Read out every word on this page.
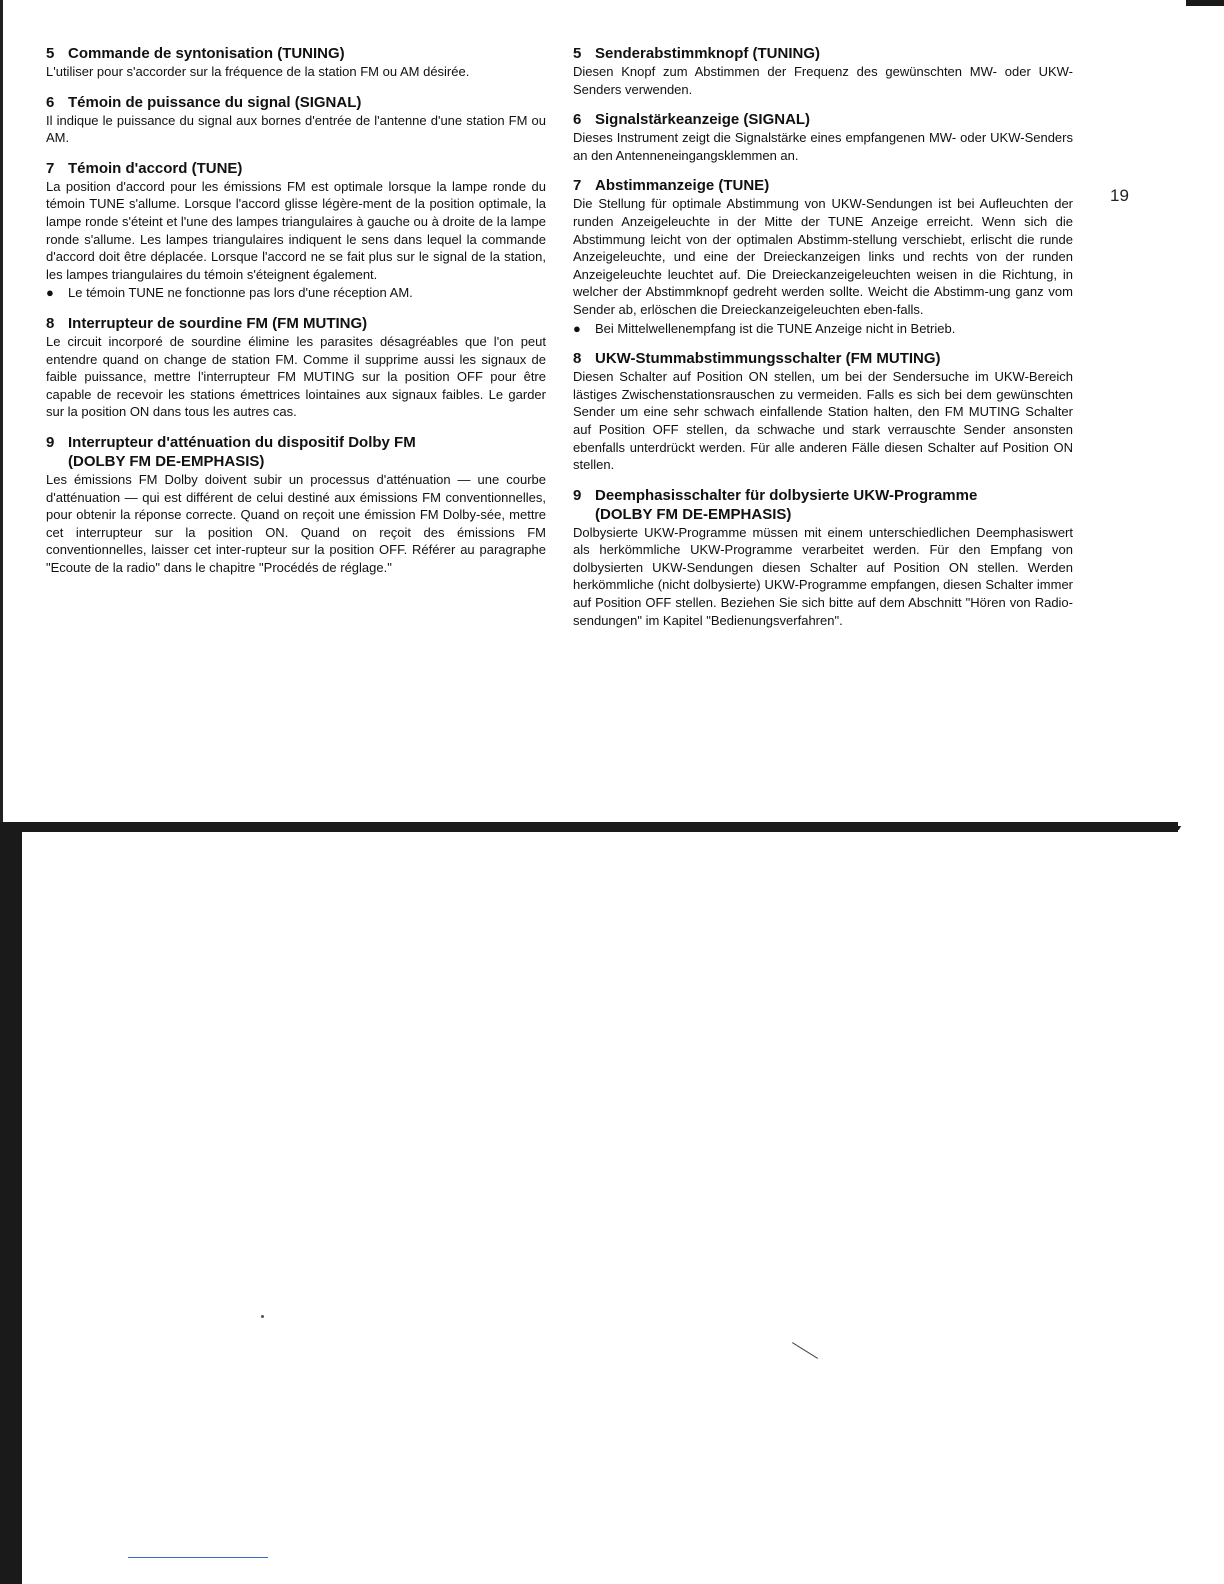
19
5 Commande de syntonisation (TUNING)

L'utiliser pour s'accorder sur la fréquence de la station FM ou AM désirée.

6 Témoin de puissance du signal (SIGNAL)

Il indique le puissance du signal aux bornes d'entrée de l'antenne d'une station FM ou AM.

7 Témoin d'accord (TUNE)

La position d'accord pour les émissions FM est optimale lorsque la lampe ronde du témoin TUNE s'allume. Lorsque l'accord glisse légère-ment de la position optimale, la lampe ronde s'éteint et l'une des lampes triangulaires à gauche ou à droite de la lampe ronde s'allume. Les lampes triangulaires indiquent le sens dans lequel la commande d'accord doit être déplacée. Lorsque l'accord ne se fait plus sur le signal de la station, les lampes triangulaires du témoin s'éteignent également.

●	Le témoin TUNE ne fonctionne pas lors d'une réception AM.
8 Interrupteur de sourdine FM (FM MUTING)

Le circuit incorporé de sourdine élimine les parasites désagréables que l'on peut entendre quand on change de station FM. Comme il supprime aussi les signaux de faible puissance, mettre l'interrupteur FM MUTING sur la position OFF pour être capable de recevoir les stations émettrices lointaines aux signaux faibles. Le garder sur la position ON dans tous les autres cas.

9 Interrupteur d'atténuation du dispositif Dolby FM
(DOLBY FM DE-EMPHASIS)

Les émissions FM Dolby doivent subir un processus d'atténuation — une courbe d'atténuation — qui est différent de celui destiné aux émissions FM conventionnelles, pour obtenir la réponse correcte. Quand on reçoit une émission FM Dolby-sée, mettre cet interrupteur sur la position ON. Quand on reçoit des émissions FM conventionnelles, laisser cet inter-rupteur sur la position OFF. Référer au paragraphe "Ecoute de la radio" dans le chapitre "Procédés de réglage."

5 Senderabstimmknopf (TUNING)

Diesen Knopf zum Abstimmen der Frequenz des gewünschten MW- oder UKW-Senders verwenden.

6 Signalstärkeanzeige (SIGNAL)

Dieses Instrument zeigt die Signalstärke eines empfangenen MW- oder UKW-Senders an den Antenneneingangsklemmen an.

7 Abstimmanzeige (TUNE)

Die Stellung für optimale Abstimmung von UKW-Sendungen ist bei Aufleuchten der runden Anzeigeleuchte in der Mitte der TUNE Anzeige erreicht. Wenn sich die Abstimmung leicht von der optimalen Abstimm-stellung verschiebt, erlischt die runde Anzeigeleuchte, und eine der Dreieckanzeigen links und rechts von der runden Anzeigeleuchte leuchtet auf. Die Dreieckanzeigeleuchten weisen in die Richtung, in welcher der Abstimmknopf gedreht werden sollte. Weicht die Abstimm-ung ganz vom Sender ab, erlöschen die Dreieckanzeigeleuchten eben-falls.

●	Bei Mittelwellenempfang ist die TUNE Anzeige nicht in Betrieb.
8 UKW-Stummabstimmungsschalter (FM MUTING)

Diesen Schalter auf Position ON stellen, um bei der Sendersuche im UKW-Bereich lästiges Zwischenstationsrauschen zu vermeiden. Falls es sich bei dem gewünschten Sender um eine sehr schwach einfallende Station halten, den FM MUTING Schalter auf Position OFF stellen, da schwache und stark verrauschte Sender ansonsten ebenfalls unterdrückt werden. Für alle anderen Fälle diesen Schalter auf Position ON stellen.

9 Deemphasisschalter für dolbysierte UKW-Programme
(DOLBY FM DE-EMPHASIS)

Dolbysierte UKW-Programme müssen mit einem unterschiedlichen Deemphasiswert als herkömmliche UKW-Programme verarbeitet werden. Für den Empfang von dolbysierten UKW-Sendungen diesen Schalter auf Position ON stellen. Werden herkömmliche (nicht dolbysierte) UKW-Programme empfangen, diesen Schalter immer auf Position OFF stellen. Beziehen Sie sich bitte auf dem Abschnitt "Hören von Radio-sendungen" im Kapitel "Bedienungsverfahren".
